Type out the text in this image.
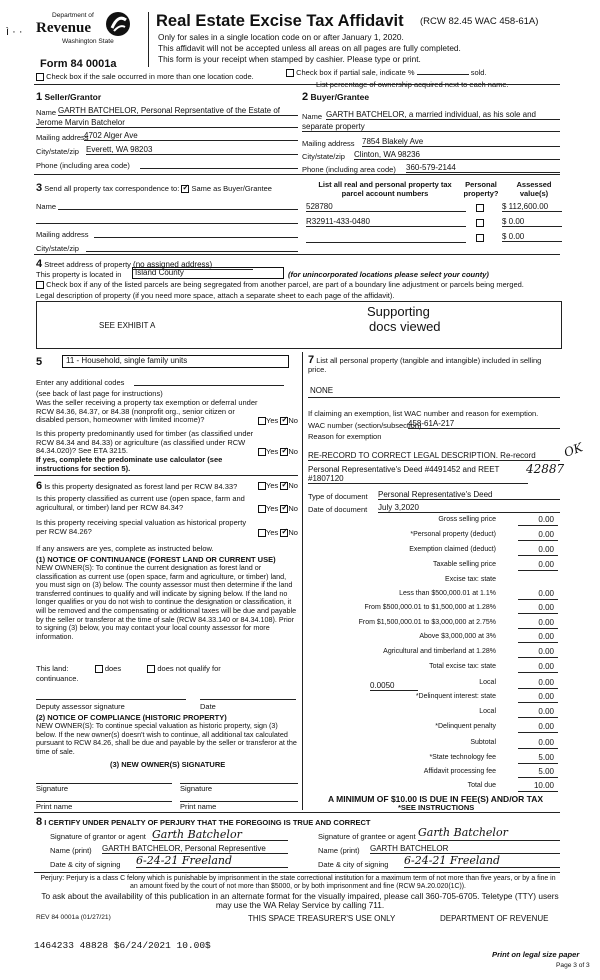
Department of
Revenue
Washington State
ì · ·
Form 84 0001a
Real Estate Excise Tax Affidavit (RCW 82.45 WAC 458-61A)
Only for sales in a single location code on or after January 1, 2020.
This affidavit will not be accepted unless all areas on all pages are fully completed.
This form is your receipt when stamped by cashier. Please type or print.
Check box if the sale occurred in more than one location code.	Check box if partial sale, indicate %	sold.
1 Seller/Grantor
Name GARTH BATCHELOR, Personal Reprsentative of the Estate of
Jerome Marvin Batchelor
Mailing address
4702 Alger Ave
City/state/zip Everett, WA 98203
Phone (including area code)
2 Buyer/Grantee
Name GARTH BATCHELOR, a married individual, as his sole and
separate property
Mailing address 7854 Blakely Ave
City/state/zip Clinton, WA 98236
Phone (including area code) 360-579-2144
3 Send all property tax correspondence to: ✓ Same as Buyer/Grantee
Name
Mailing address
City/state/zip
List all real and personal property tax parcel account numbers
Personal property?
Assessed value(s)
528780	$ 112,600.00
R32911-433-0480	$ 0.00
$ 0.00
4 Street address of property (no assigned address)
This property is located in	Island County	(for unincorporated locations please select your county)
Check box if any of the listed parcels are being segregated from another parcel, are part of a boundary line adjustment or parcels being merged.
Legal description of property (if you need more space, attach a separate sheet to each page of the affidavit).
SEE EXHIBIT A
Supporting
docs viewed
5	11 - Household, single family units
Enter any additional codes
(see back of last page for instructions)
Was the seller receiving a property tax exemption or deferral under RCW 84.36, 84.37, or 84.38 (nonprofit org., senior citizen or disabled person, homeowner with limited income)?	Yes ✓ No
Is this property predominantly used for timber (as classified under RCW 84.34 and 84.33) or agriculture (as classified under RCW 84.34.020)? See ETA 3215.	Yes ✓ No
If yes, complete the predominate use calculator (see instructions for section 5).
6 Is this property designated as forest land per RCW 84.33?	Yes ✓ No
Is this property classified as current use (open space, farm and agricultural, or timber) land per RCW 84.34?	Yes ✓ No
Is this property receiving special valuation as historical property per RCW 84.26?	Yes ✓ No
If any answers are yes, complete as instructed below.
(1) NOTICE OF CONTINUANCE (FOREST LAND OR CURRENT USE)
NEW OWNER(S): To continue the current designation as forest land or classification as current use (open space, farm and agriculture, or timber) land, you must sign on (3) below. The county assessor must then determine if the land transferred continues to qualify and will indicate by signing below. If the land no longer qualifies or you do not wish to continue the designation or classification, it will be removed and the compensating or additional taxes will be due and payable by the seller or transferor at the time of sale (RCW 84.33.140 or 84.34.108). Prior to signing (3) below, you may contact your local county assessor for more information.
This land:	does	does not qualify for
continuance.
Deputy assessor signature	Date
(2) NOTICE OF COMPLIANCE (HISTORIC PROPERTY)
NEW OWNER(S): To continue special valuation as historic property, sign (3) below. If the new owner(s) doesn't wish to continue, all additional tax calculated pursuant to RCW 84.26, shall be due and payable by the seller or transferor at the time of sale.
(3) NEW OWNER(S) SIGNATURE
Signature	Signature
Print name	Print name
7 List all personal property (tangible and intangible) included in selling price.
NONE
If claiming an exemption, list WAC number and reason for exemption.
WAC number (section/subsection)
458-61A-217
Reason for exemption
RE-RECORD TO CORRECT LEGAL DESCRIPTION. Re-record
Personal Representative's Deed #4491452 and REET #1807120
OK
42887
Type of document Personal Representative's Deed
Date of document July 3,2020
Gross selling price	0.00
*Personal property (deduct)	0.00
Exemption claimed (deduct)	0.00
Taxable selling price	0.00
Excise tax: state
Less than $500,000.01 at 1.1%	0.00
From $500,000.01 to $1,500,000 at 1.28%	0.00
From $1,500,000.01 to $3,000,000 at 2.75%	0.00
Above $3,000,000 at 3%	0.00
Agricultural and timberland at 1.28%	0.00
Total excise tax: state	0.00
Local	0.00
*Delinquent interest: state	0.00
Local	0.00
*Delinquent penalty	0.00
Subtotal	0.00
*State technology fee	5.00
Affidavit processing fee	5.00
Total due	10.00
0.0050
A MINIMUM OF $10.00 IS DUE IN FEE(S) AND/OR TAX
*SEE INSTRUCTIONS
8 I CERTIFY UNDER PENALTY OF PERJURY THAT THE FOREGOING IS TRUE AND CORRECT
Signature of grantor or agent Garth Batchelor	Signature of grantee or agent Garth Batchelor
Name (print) GARTH BATCHELOR, Personal Representive	Name (print) GARTH BATCHELOR
Date & city of signing 6-24-21 Freeland	Date & city of signing 6-24-21 Freeland
Perjury: Perjury is a class C felony which is punishable by imprisonment in the state correctional institution for a maximum term of not more than five years, or by a fine in an amount fixed by the court of not more than $5000, or by both imprisonment and fine (RCW 9A.20.020(1C)).
To ask about the availability of this publication in an alternate format for the visually impaired, please call 360-705-6705. Teletype (TTY) users may use the WA Relay Service by calling 711.
REV 84 0001a (01/27/21)	THIS SPACE TREASURER'S USE ONLY	DEPARTMENT OF REVENUE
1464233 48828 $6/24/2021 10.00$
Print on legal size paper
Page 3 of 3
